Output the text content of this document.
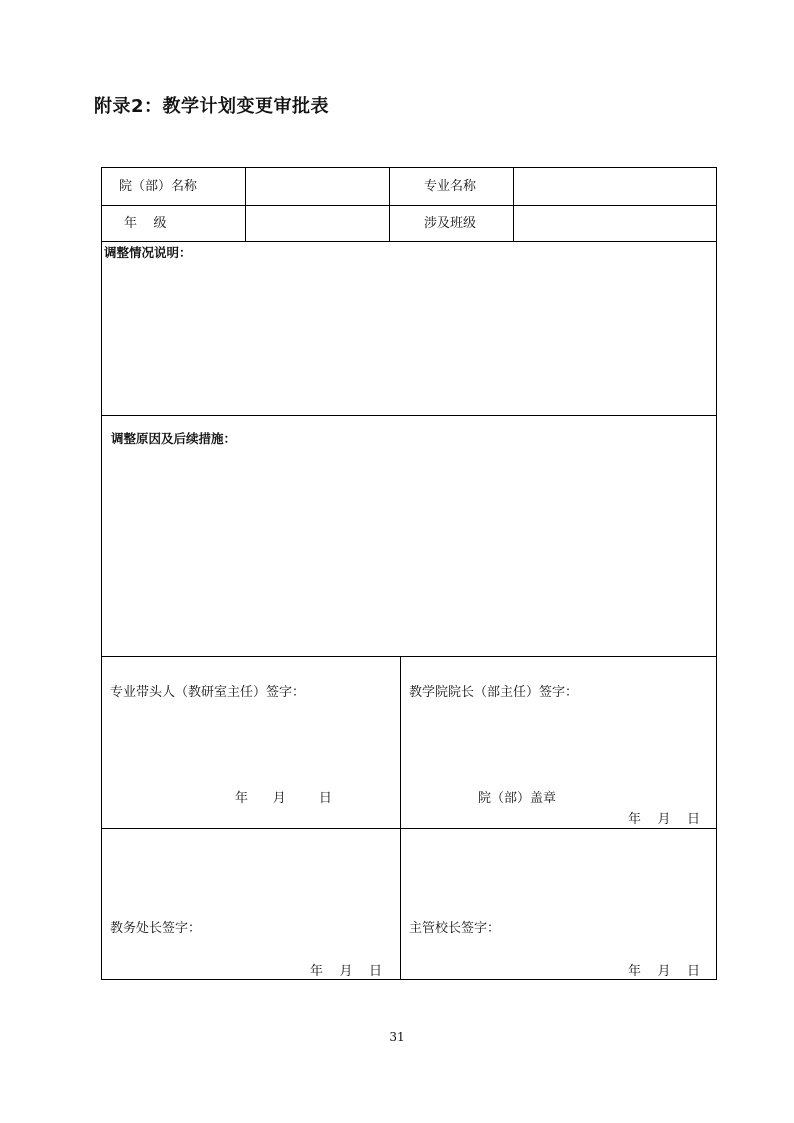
附录2：教学计划变更审批表
院（部）名称	专业名称
年    级	涉及班级
调整情况说明：
调整原因及后续措施：
专业带头人（教研室主任）签字：
年      月        日
教学院院长（部主任）签字：
院（部）盖章
年    月    日
教务处长签字：
年    月    日
主管校长签字：
年    月    日
31
